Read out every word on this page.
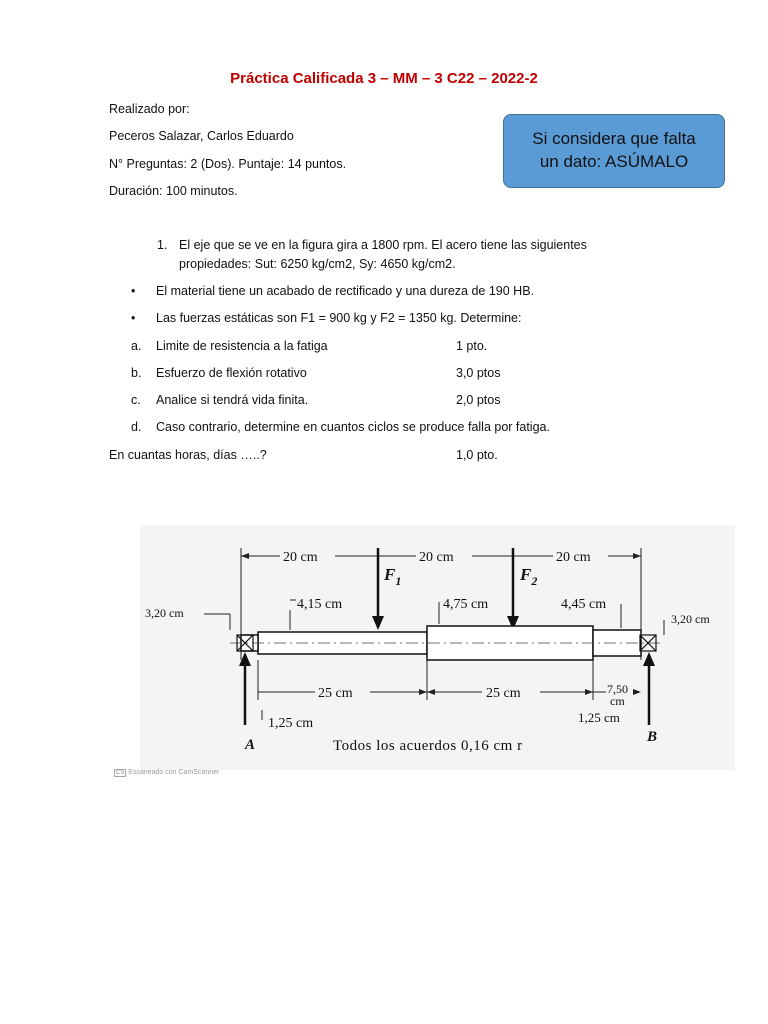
Práctica Calificada 3 – MM – 3 C22 – 2022-2
Realizado por:
Peceros Salazar, Carlos Eduardo
N° Preguntas: 2 (Dos). Puntaje: 14 puntos.
Duración: 100 minutos.
Si considera que falta
un dato: ASÚMALO
1. El eje que se ve en la figura gira a 1800 rpm. El acero tiene las siguientes
propiedades: Sut: 6250 kg/cm2, Sy: 4650 kg/cm2.
• El material tiene un acabado de rectificado y una dureza de 190 HB.
• Las fuerzas estáticas son F1 = 900 kg y F2 = 1350 kg. Determine:
a. Limite de resistencia a la fatiga	1 pto.
b. Esfuerzo de flexión rotativo	3,0 ptos
c. Analice si tendrá vida finita.	2,0 ptos
d. Caso contrario, determine en cuantos ciclos se produce falla por fatiga.
En cuantas horas, días …..?	1,0 pto.
20 cm	20 cm	20 cm
$F_1$	$F_2$
3,20 cm
4,15 cm	4,75 cm	4,45 cm
3,20 cm
25 cm	25 cm	7,50
cm
1,25 cm	1,25 cm
A	B
Todos los acuerdos 0,16 cm r
CS Escaneado con CamScanner
